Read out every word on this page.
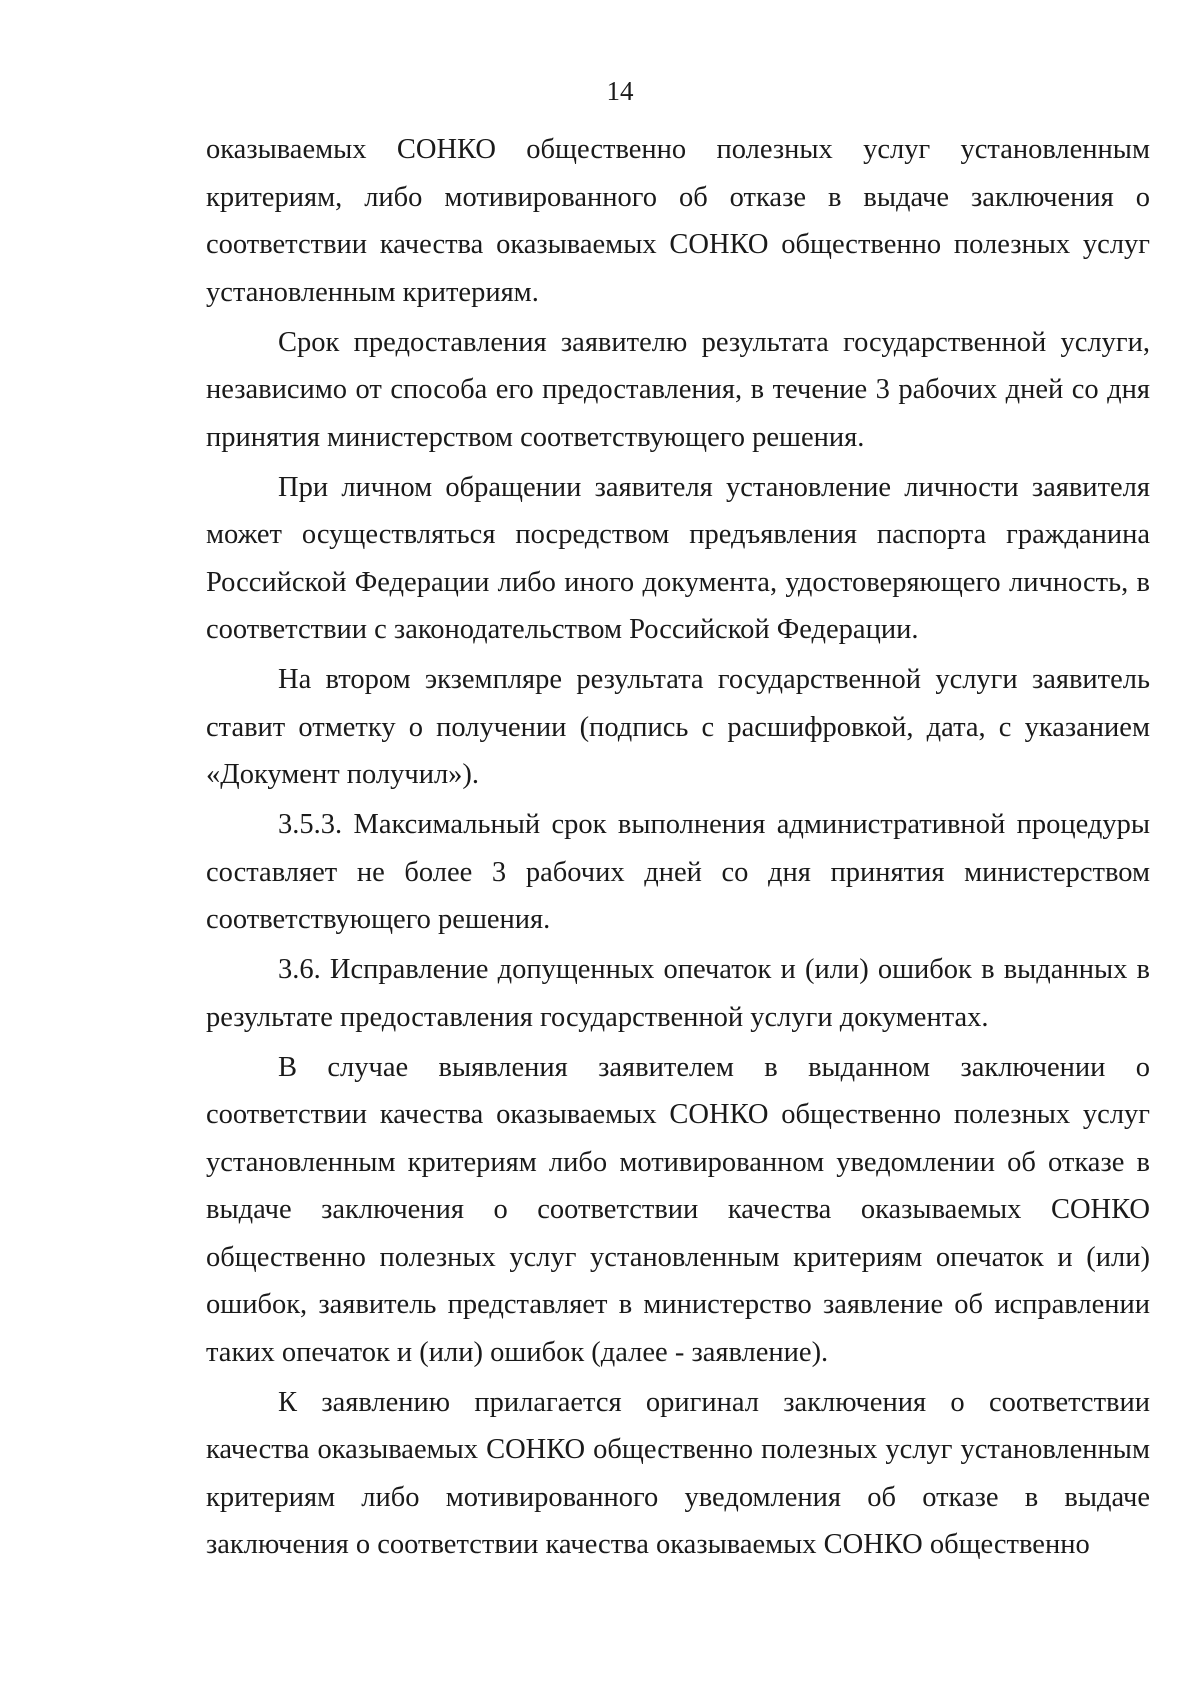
14

оказываемых СОНКО общественно полезных услуг установленным критериям, либо мотивированного об отказе в выдаче заключения о соответствии качества оказываемых СОНКО общественно полезных услуг установленным критериям.

Срок предоставления заявителю результата государственной услуги, независимо от способа его предоставления, в течение 3 рабочих дней со дня принятия министерством соответствующего решения.

При личном обращении заявителя установление личности заявителя может осуществляться посредством предъявления паспорта гражданина Российской Федерации либо иного документа, удостоверяющего личность, в соответствии с законодательством Российской Федерации.

На втором экземпляре результата государственной услуги заявитель ставит отметку о получении (подпись с расшифровкой, дата, с указанием «Документ получил»).

3.5.3. Максимальный срок выполнения административной процедуры составляет не более 3 рабочих дней со дня принятия министерством соответствующего решения.

3.6. Исправление допущенных опечаток и (или) ошибок в выданных в результате предоставления государственной услуги документах.

В случае выявления заявителем в выданном заключении о соответствии качества оказываемых СОНКО общественно полезных услуг установленным критериям либо мотивированном уведомлении об отказе в выдаче заключения о соответствии качества оказываемых СОНКО общественно полезных услуг установленным критериям опечаток и (или) ошибок, заявитель представляет в министерство заявление об исправлении таких опечаток и (или) ошибок (далее - заявление).

К заявлению прилагается оригинал заключения о соответствии качества оказываемых СОНКО общественно полезных услуг установленным критериям либо мотивированного уведомления об отказе в выдаче заключения о соответствии качества оказываемых СОНКО общественно
